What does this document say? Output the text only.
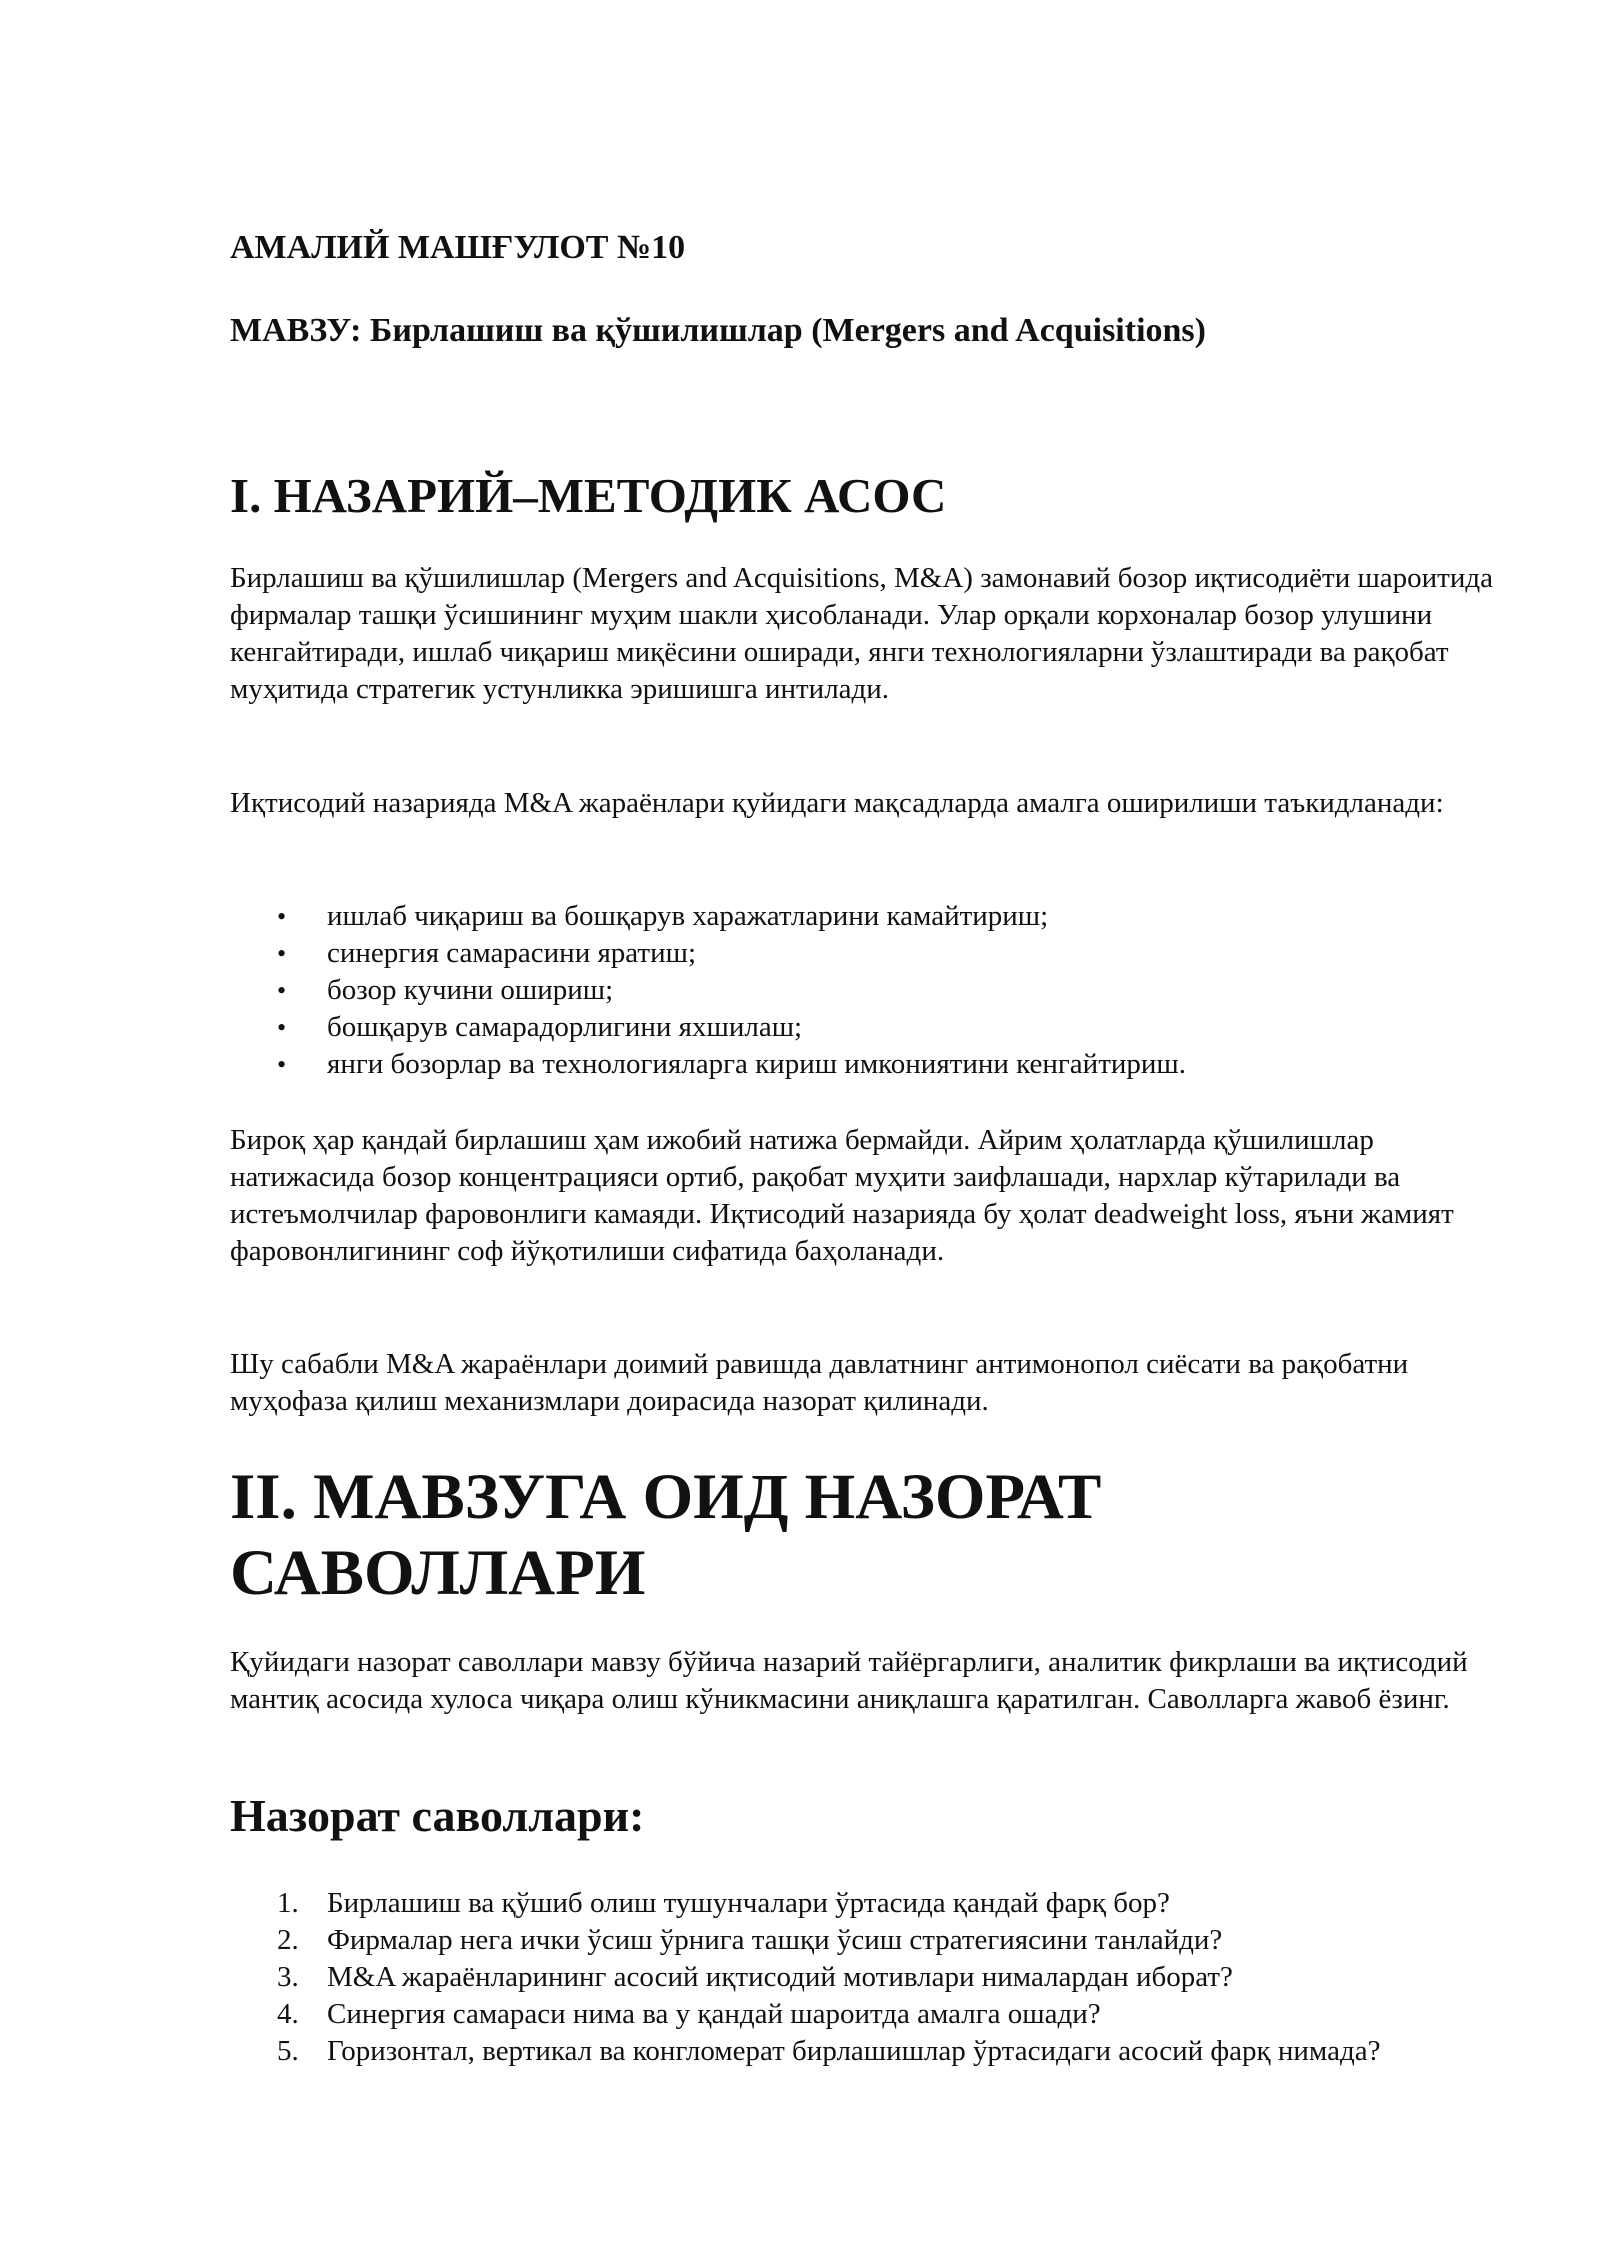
АМАЛИЙ МАШҒУЛОТ №10
МАВЗУ: Бирлашиш ва қўшилишлар (Mergers and Acquisitions)
I. НАЗАРИЙ–МЕТОДИК АСОС

Бирлашиш ва қўшилишлар (Mergers and Acquisitions, M&A) замонавий бозор иқтисодиёти шароитида фирмалар ташқи ўсишининг муҳим шакли ҳисобланади. Улар орқали корхоналар бозор улушини кенгайтиради, ишлаб чиқариш миқёсини оширади, янги технологияларни ўзлаштиради ва рақобат муҳитида стратегик устунликка эришишга интилади.

Иқтисодий назарияда M&A жараёнлари қуйидаги мақсадларда амалга оширилиши таъкидланади:

• ишлаб чиқариш ва бошқарув харажатларини камайтириш;
• синергия самарасини яратиш;
• бозор кучини ошириш;
• бошқарув самарадорлигини яхшилаш;
• янги бозорлар ва технологияларга кириш имкониятини кенгайтириш.

Бироқ ҳар қандай бирлашиш ҳам ижобий натижа бермайди. Айрим ҳолатларда қўшилишлар натижасида бозор концентрацияси ортиб, рақобат муҳити заифлашади, нархлар кўтарилади ва истеъмолчилар фаровонлиги камаяди. Иқтисодий назарияда бу ҳолат deadweight loss, яъни жамият фаровонлигининг соф йўқотилиши сифатида баҳоланади.

Шу сабабли M&A жараёнлари доимий равишда давлатнинг антимонопол сиёсати ва рақобатни муҳофаза қилиш механизмлари доирасида назорат қилинади.

II. МАВЗУГА ОИД НАЗОРАТ САВОЛЛАРИ

Қуйидаги назорат саволлари мавзу бўйича назарий тайёргарлиги, аналитик фикрлаши ва иқтисодий мантиқ асосида хулоса чиқара олиш кўникмасини аниқлашга қаратилган. Саволларга жавоб ёзинг.

Назорат саволлари:
1. Бирлашиш ва қўшиб олиш тушунчалари ўртасида қандай фарқ бор?
2. Фирмалар нега ички ўсиш ўрнига ташқи ўсиш стратегиясини танлайди?
3. M&A жараёнларининг асосий иқтисодий мотивлари нималардан иборат?
4. Синергия самараси нима ва у қандай шароитда амалга ошади?
5. Горизонтал, вертикал ва конгломерат бирлашишлар ўртасидаги асосий фарқ нимада?
